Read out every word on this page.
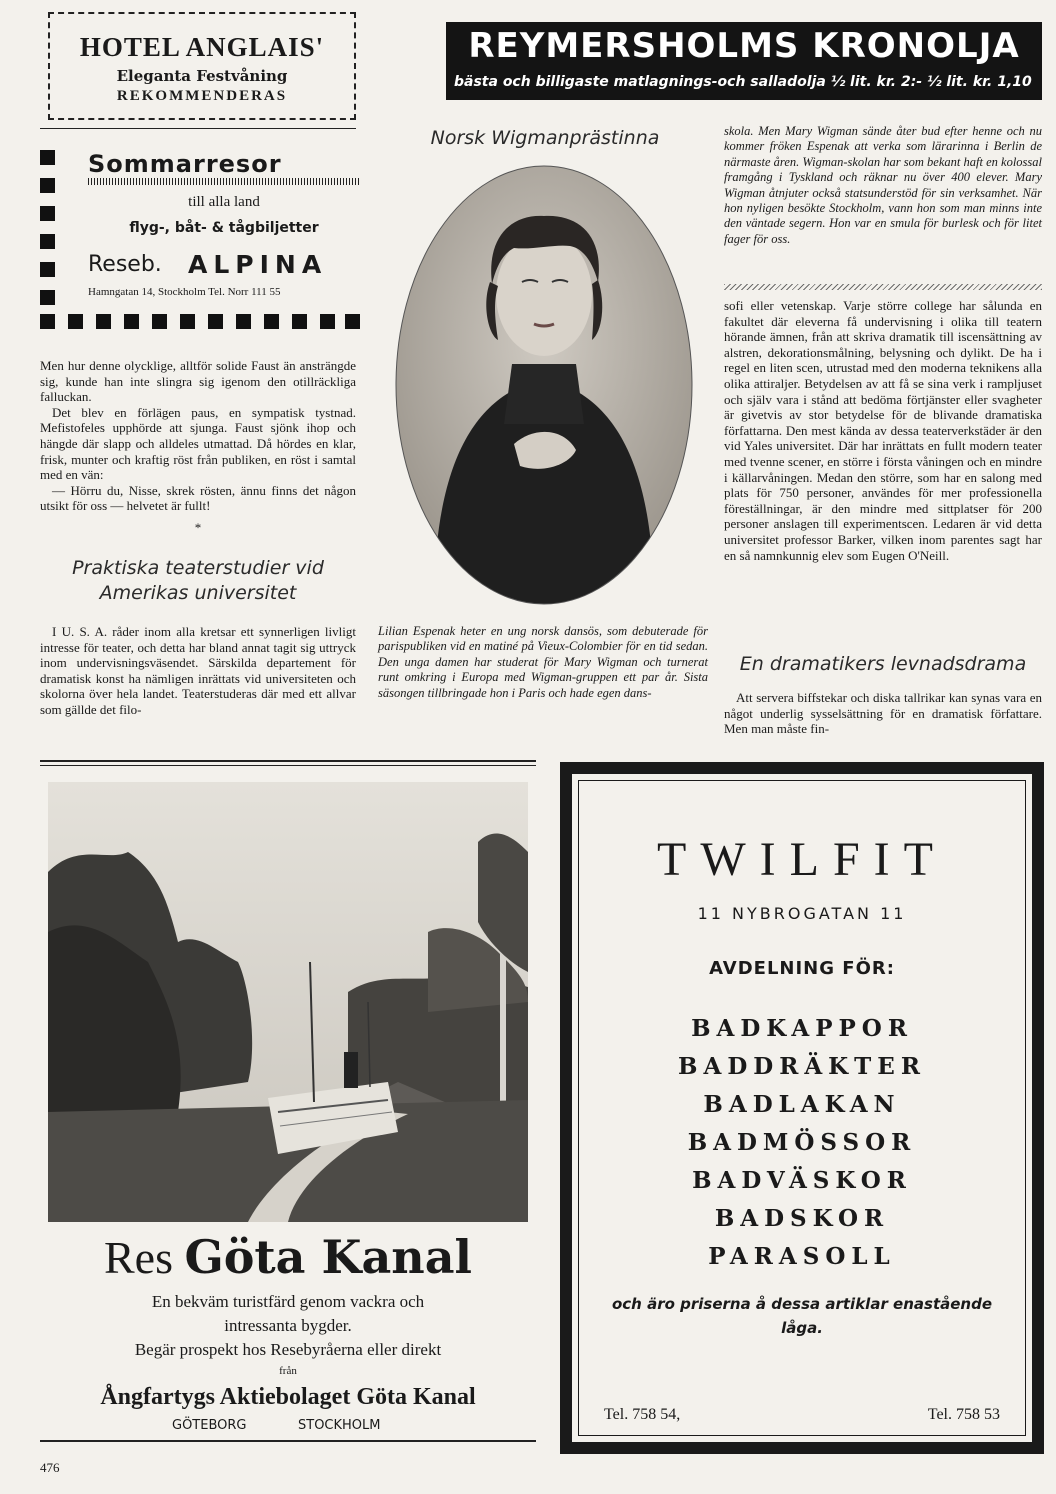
HOTEL ANGLAIS'
Eleganta Festvåning
REKOMMENDERAS
Sommarresor
till alla land
flyg-, båt- & tågbiljetter
Reseb. ALPINA
Hamngatan 14, Stockholm Tel. Norr 111 55

Men hur denne olycklige, alltför solide Faust än ansträngde sig, kunde han inte slingra sig igenom den otillräckliga falluckan.

Det blev en förlägen paus, en sympatisk tystnad. Mefistofeles upphörde att sjunga. Faust sjönk ihop och hängde där slapp och alldeles utmattad. Då hördes en klar, frisk, munter och kraftig röst från publiken, en röst i samtal med en vän:

— Hörru du, Nisse, skrek rösten, ännu finns det någon utsikt för oss — helvetet är fullt!

*

Praktiska teaterstudier vid
Amerikas universitet

I U. S. A. råder inom alla kretsar ett synnerligen livligt intresse för teater, och detta har bland annat tagit sig uttryck inom undervisningsväsendet. Särskilda departement för dramatisk konst ha nämligen inrättats vid universiteten och skolorna över hela landet. Teaterstuderas där med ett allvar som gällde det filo-

REYMERSHOLMS KRONOLJA
bästa och billigaste matlagnings-och salladolja ½ lit. kr. 2:- ½ lit. kr. 1,10
Norsk Wigmanprästinna
Lilian Espenak heter en ung norsk dansös, som debuterade för parispubliken vid en matiné på Vieux-Colombier för en tid sedan. Den unga damen har studerat för Mary Wigman och turnerat runt omkring i Europa med Wigman-gruppen ett par år. Sista säsongen tillbringade hon i Paris och hade egen dans-
skola. Men Mary Wigman sände åter bud efter henne och nu kommer fröken Espenak att verka som lärarinna i Berlin de närmaste åren. Wigman-skolan har som bekant haft en kolossal framgång i Tyskland och räknar nu över 400 elever. Mary Wigman åtnjuter också statsunderstöd för sin verksamhet. När hon nyligen besökte Stockholm, vann hon som man minns inte den väntade segern. Hon var en smula för burlesk och för litet fager för oss.

sofi eller vetenskap. Varje större college har sålunda en fakultet där eleverna få undervisning i olika till teatern hörande ämnen, från att skriva dramatik till iscensättning av alstren, dekorationsmålning, belysning och dylikt. De ha i regel en liten scen, utrustad med den moderna teknikens alla olika attiraljer. Betydelsen av att få se sina verk i rampljuset och själv vara i stånd att bedöma förtjänster eller svagheter är givetvis av stor betydelse för de blivande dramatiska författarna. Den mest kända av dessa teaterverkstäder är den vid Yales universitet. Där har inrättats en fullt modern teater med tvenne scener, en större i första våningen och en mindre i källarvåningen. Medan den större, som har en salong med plats för 750 personer, användes för mer professionella föreställningar, är den mindre med sittplatser för 200 personer anslagen till experimentscen. Ledaren är vid detta universitet professor Barker, vilken inom parentes sagt har en så namnkunnig elev som Eugen O'Neill.

En dramatikers levnadsdrama

Att servera biffstekar och diska tallrikar kan synas vara en något underlig sysselsättning för en dramatisk författare. Men man måste fin-

Res Göta Kanal
En bekväm turistfärd genom vackra och
intressanta bygder.
Begär prospekt hos Resebyråerna eller direkt
från
Ångfartygs Aktiebolaget Göta Kanal
GÖTEBORG	STOCKHOLM
TWILFIT
11 NYBROGATAN 11
AVDELNING FÖR:
BADKAPPOR
BADDRÄKTER
BADLAKAN
BADMÖSSOR
BADVÄSKOR
BADSKOR
PARASOLL
och äro priserna å dessa artiklar enastående låga.
Tel. 758 54,	Tel. 758 53
476
